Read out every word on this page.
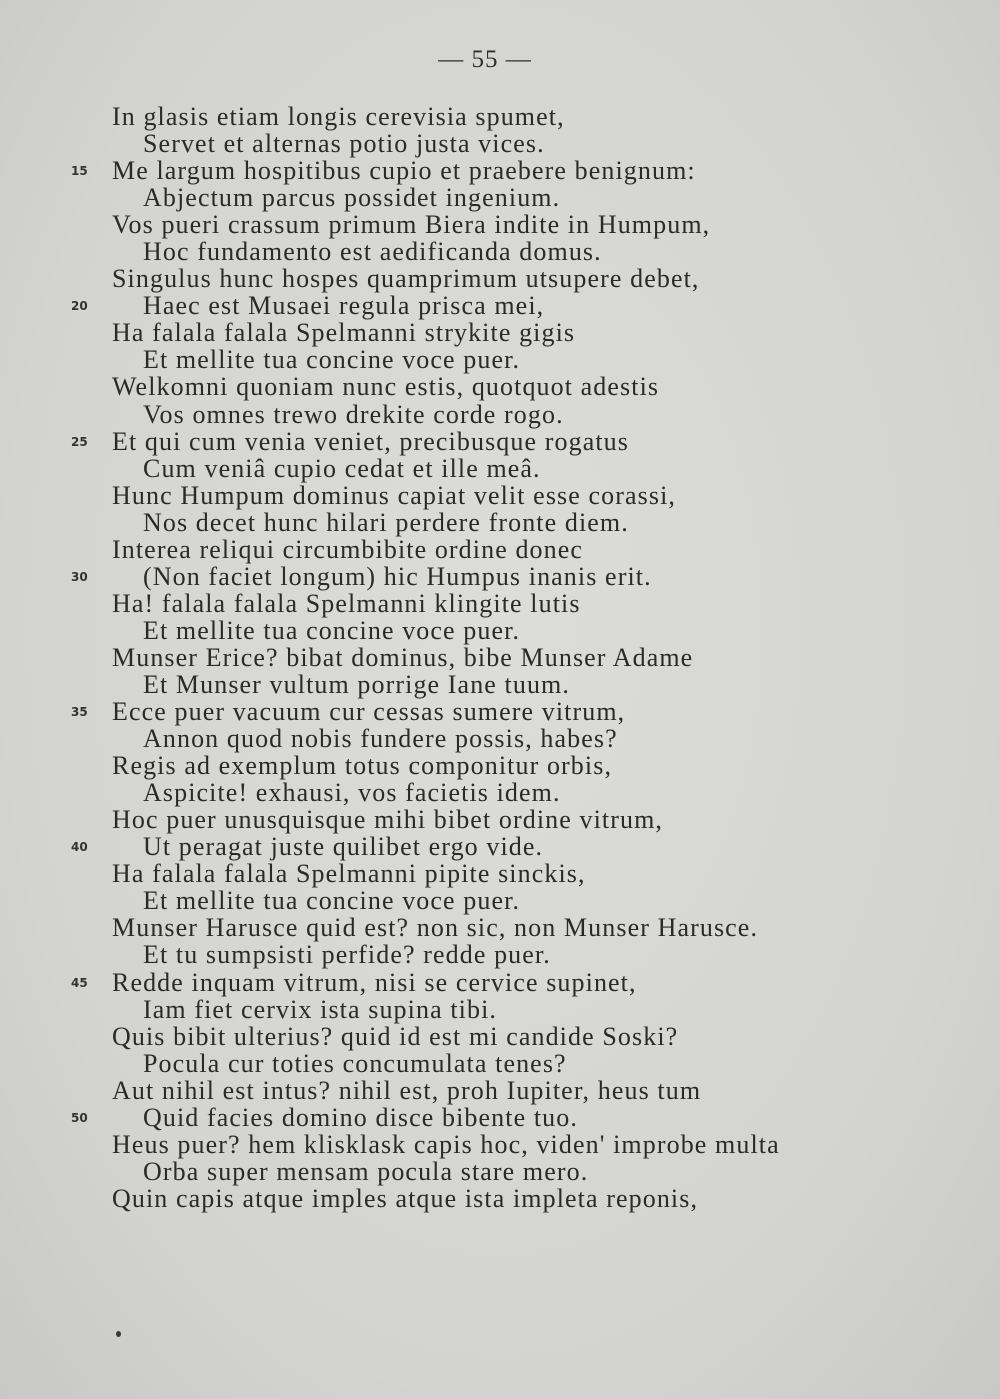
— 55 —
In glasis etiam longis cerevisia spumet,
Servet et alternas potio justa vices.
15 Me largum hospitibus cupio et praebere benignum:
Abjectum parcus possidet ingenium.
Vos pueri crassum primum Biera indite in Humpum,
Hoc fundamento est aedificanda domus.
Singulus hunc hospes quamprimum utsupere debet,
20 Haec est Musaei regula prisca mei,
Ha falala falala Spelmanni strykite gigis
Et mellite tua concine voce puer.
Welkomni quoniam nunc estis, quotquot adestis
Vos omnes trewo drekite corde rogo.
25 Et qui cum venia veniet, precibusque rogatus
Cum veniâ cupio cedat et ille meâ.
Hunc Humpum dominus capiat velit esse corassi,
Nos decet hunc hilari perdere fronte diem.
Interea reliqui circumbibite ordine donec
30 (Non faciet longum) hic Humpus inanis erit.
Ha! falala falala Spelmanni klingite lutis
Et mellite tua concine voce puer.
Munser Erice? bibat dominus, bibe Munser Adame
Et Munser vultum porrige Iane tuum.
35 Ecce puer vacuum cur cessas sumere vitrum,
Annon quod nobis fundere possis, habes?
Regis ad exemplum totus componitur orbis,
Aspicite! exhausi, vos facietis idem.
Hoc puer unusquisque mihi bibet ordine vitrum,
40 Ut peragat juste quilibet ergo vide.
Ha falala falala Spelmanni pipite sinckis,
Et mellite tua concine voce puer.
Munser Harusce quid est? non sic, non Munser Harusce.
Et tu sumpsisti perfide? redde puer.
45 Redde inquam vitrum, nisi se cervice supinet,
Iam fiet cervix ista supina tibi.
Quis bibit ulterius? quid id est mi candide Soski?
Pocula cur toties concumulata tenes?
Aut nihil est intus? nihil est, proh Iupiter, heus tum
50 Quid facies domino disce bibente tuo.
Heus puer? hem klisklask capis hoc, viden' improbe multa
Orba super mensam pocula stare mero.
Quin capis atque imples atque ista impleta reponis,
